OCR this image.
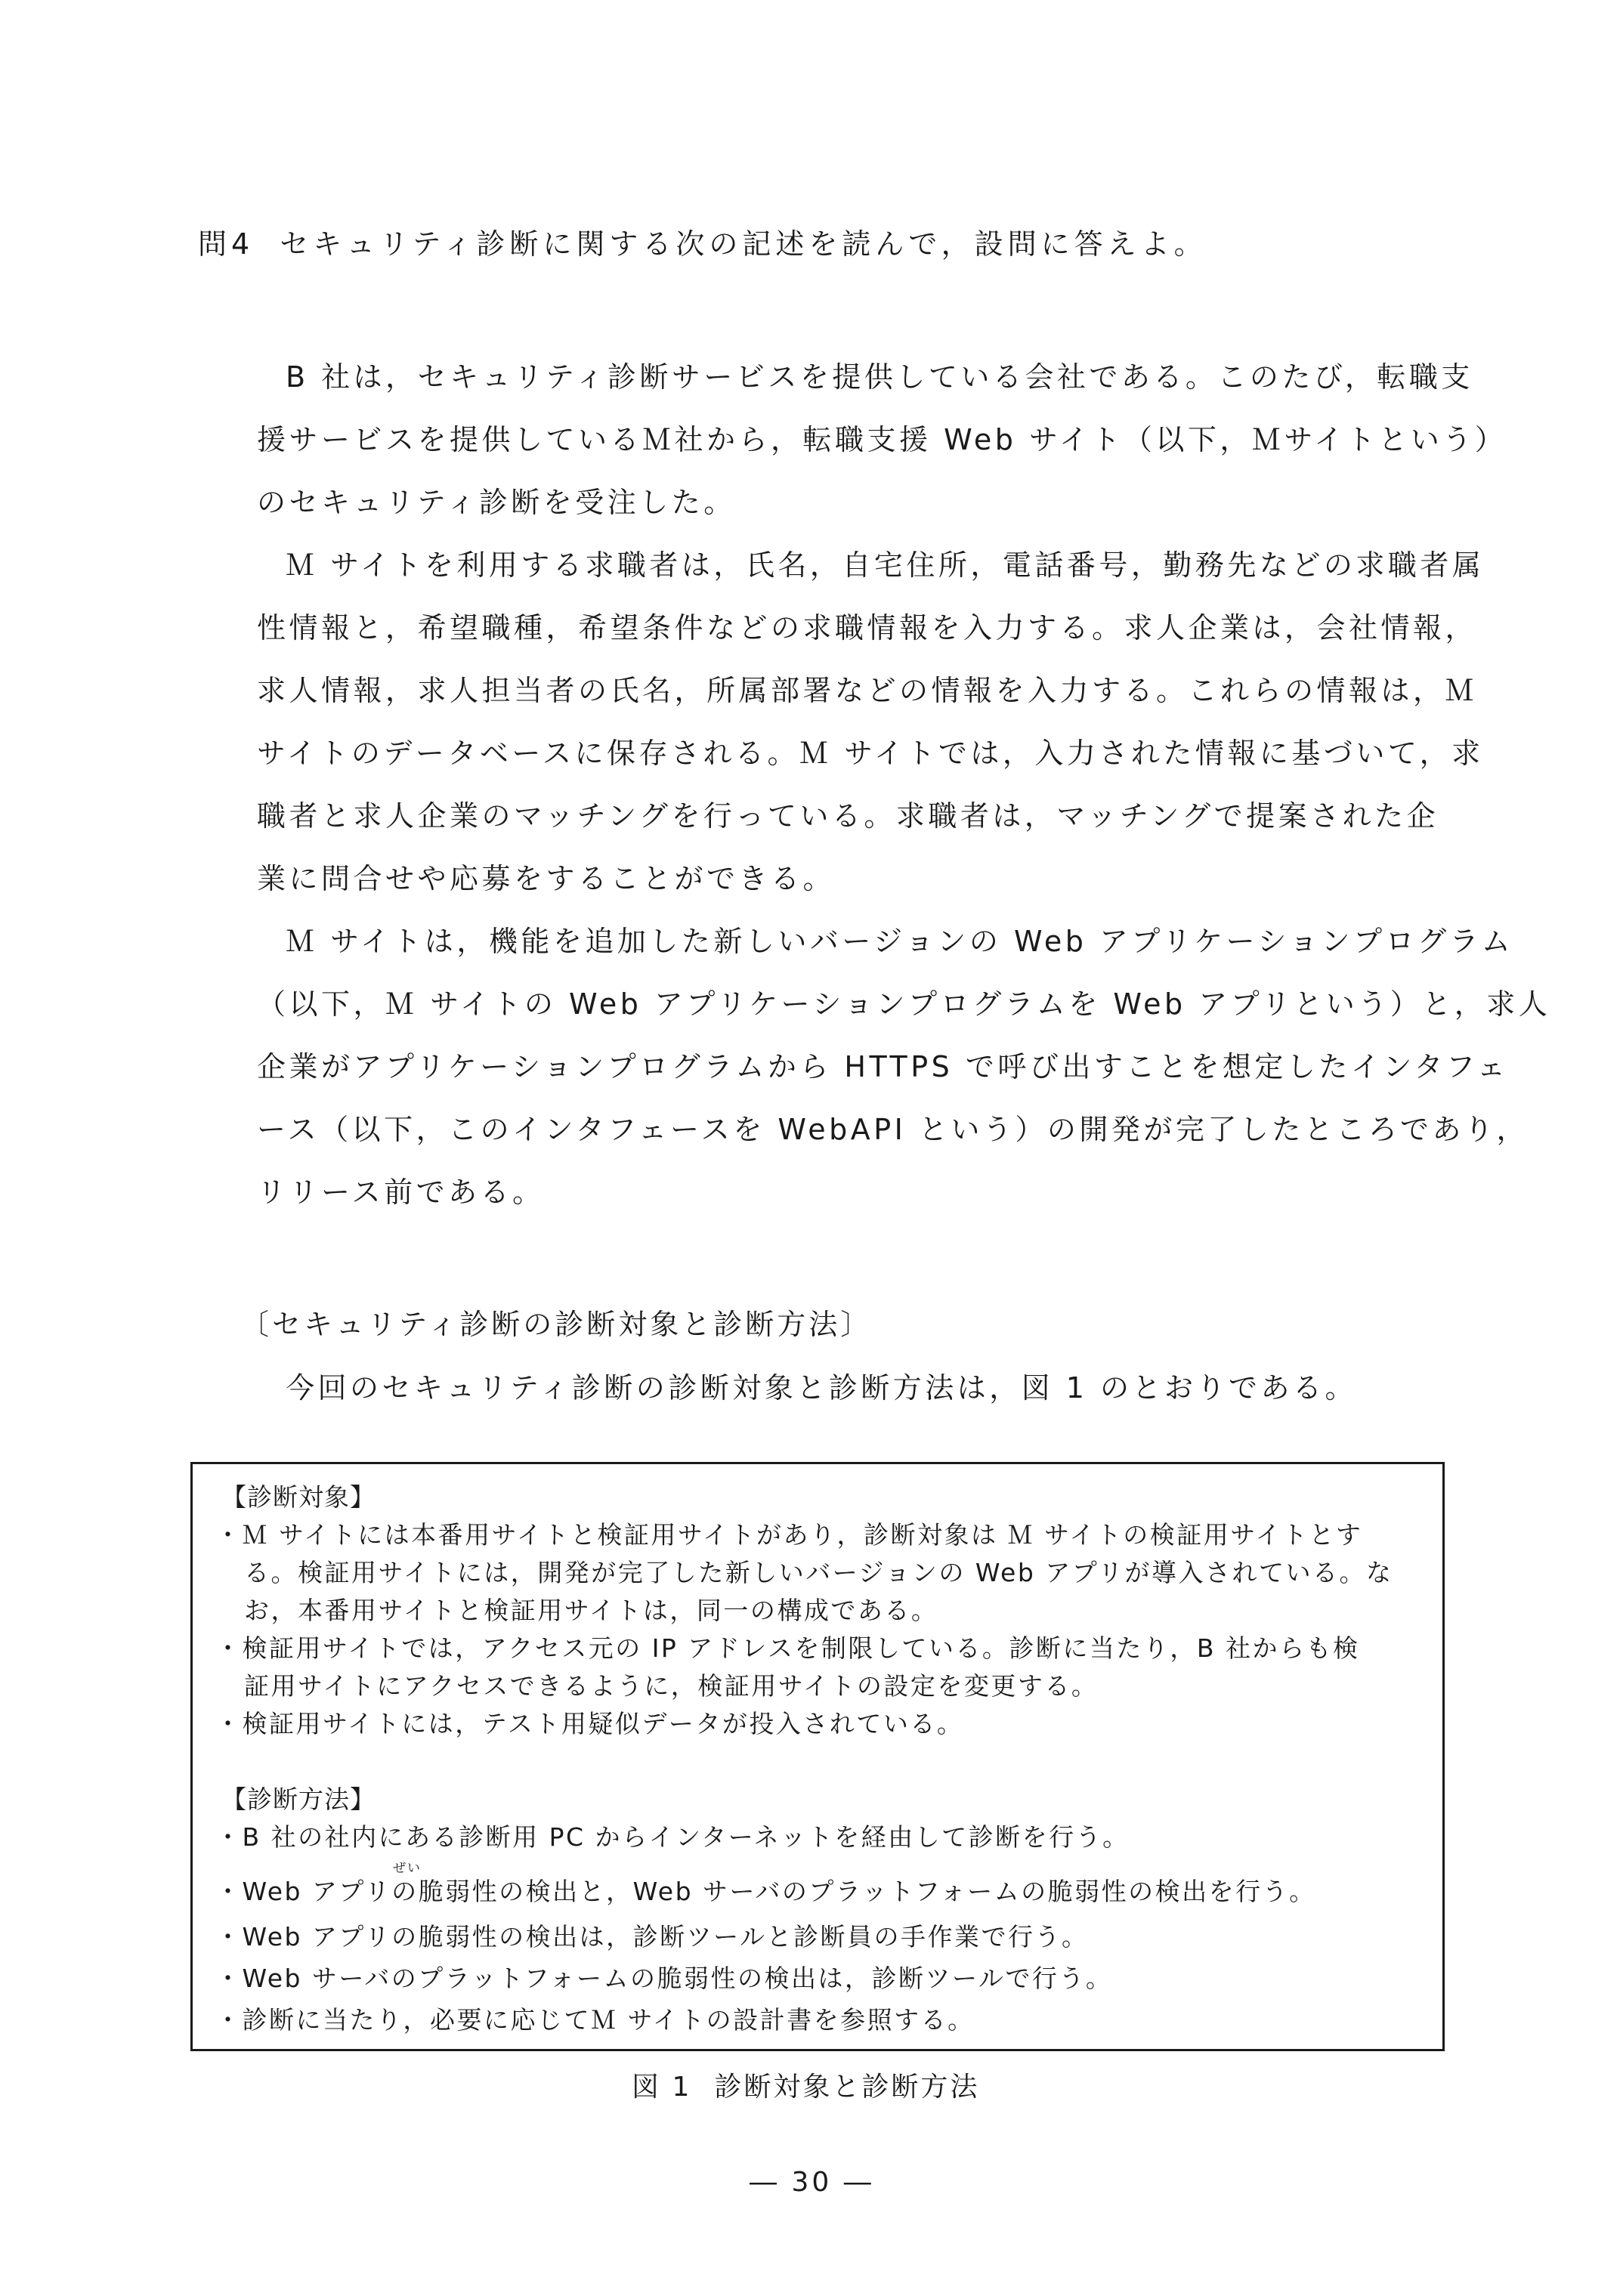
問4 セキュリティ診断に関する次の記述を読んで，設問に答えよ。
B 社は，セキュリティ診断サービスを提供している会社である。このたび，転職支
援サービスを提供しているＭ社から，転職支援 Web サイト（以下，Ｍサイトという）
のセキュリティ診断を受注した。
Ｍ サイトを利用する求職者は，氏名，自宅住所，電話番号，勤務先などの求職者属
性情報と，希望職種，希望条件などの求職情報を入力する。求人企業は，会社情報，
求人情報，求人担当者の氏名，所属部署などの情報を入力する。これらの情報は，Ｍ
サイトのデータベースに保存される。Ｍ サイトでは，入力された情報に基づいて，求
職者と求人企業のマッチングを行っている。求職者は，マッチングで提案された企
業に問合せや応募をすることができる。
Ｍ サイトは，機能を追加した新しいバージョンの Web アプリケーションプログラム
（以下，Ｍ サイトの Web アプリケーションプログラムを Web アプリという）と，求人
企業がアプリケーションプログラムから HTTPS で呼び出すことを想定したインタフェ
ース（以下，このインタフェースを WebAPI という）の開発が完了したところであり，
リリース前である。
〔セキュリティ診断の診断対象と診断方法〕
今回のセキュリティ診断の診断対象と診断方法は，図 1 のとおりである。
【診断対象】
・Ｍ サイトには本番用サイトと検証用サイトがあり，診断対象は Ｍ サイトの検証用サイトとす
る。検証用サイトには，開発が完了した新しいバージョンの Web アプリが導入されている。な
お，本番用サイトと検証用サイトは，同一の構成である。
・検証用サイトでは，アクセス元の IP アドレスを制限している。診断に当たり，B 社からも検
証用サイトにアクセスできるように，検証用サイトの設定を変更する。
・検証用サイトには，テスト用疑似データが投入されている。
【診断方法】
・B 社の社内にある診断用 PC からインターネットを経由して診断を行う。
ぜい
・Web アプリの脆弱性の検出と，Web サーバのプラットフォームの脆弱性の検出を行う。
・Web アプリの脆弱性の検出は，診断ツールと診断員の手作業で行う。
・Web サーバのプラットフォームの脆弱性の検出は，診断ツールで行う。
・診断に当たり，必要に応じてＭ サイトの設計書を参照する。
図 1 診断対象と診断方法
― 30 ―
